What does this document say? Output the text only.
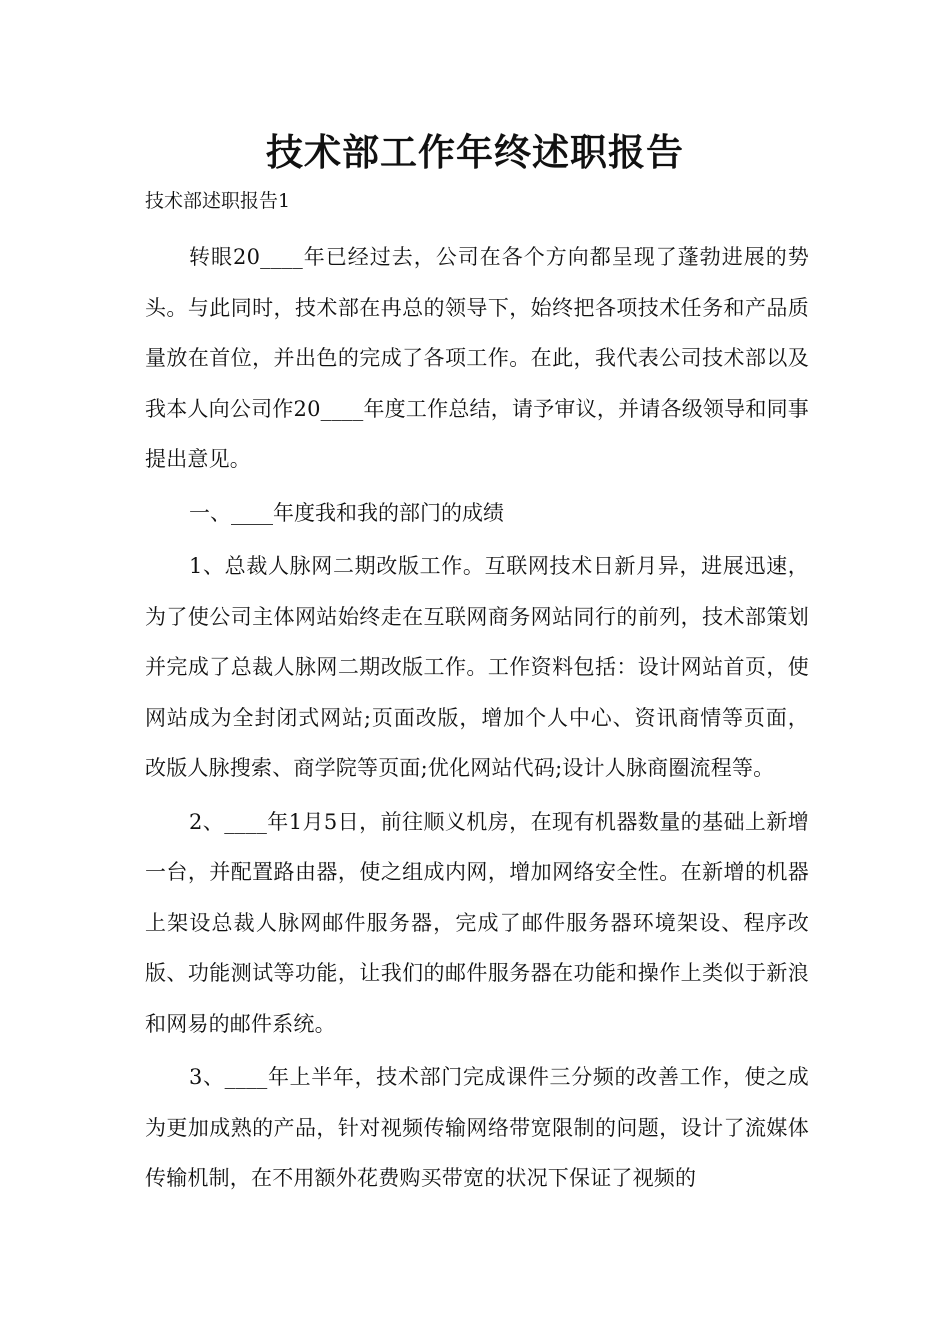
技术部工作年终述职报告
技术部述职报告1

转眼20____年已经过去，公司在各个方向都呈现了蓬勃进展的势头。与此同时，技术部在冉总的领导下，始终把各项技术任务和产品质量放在首位，并出色的完成了各项工作。在此，我代表公司技术部以及我本人向公司作20____年度工作总结，请予审议，并请各级领导和同事提出意见。

一、____年度我和我的部门的成绩

1、总裁人脉网二期改版工作。互联网技术日新月异，进展迅速，为了使公司主体网站始终走在互联网商务网站同行的前列，技术部策划并完成了总裁人脉网二期改版工作。工作资料包括：设计网站首页，使网站成为全封闭式网站;页面改版，增加个人中心、资讯商情等页面，改版人脉搜索、商学院等页面;优化网站代码;设计人脉商圈流程等。

2、____年1月5日，前往顺义机房，在现有机器数量的基础上新增一台，并配置路由器，使之组成内网，增加网络安全性。在新增的机器上架设总裁人脉网邮件服务器，完成了邮件服务器环境架设、程序改版、功能测试等功能，让我们的邮件服务器在功能和操作上类似于新浪和网易的邮件系统。

3、____年上半年，技术部门完成课件三分频的改善工作，使之成为更加成熟的产品，针对视频传输网络带宽限制的问题，设计了流媒体传输机制，在不用额外花费购买带宽的状况下保证了视频的
